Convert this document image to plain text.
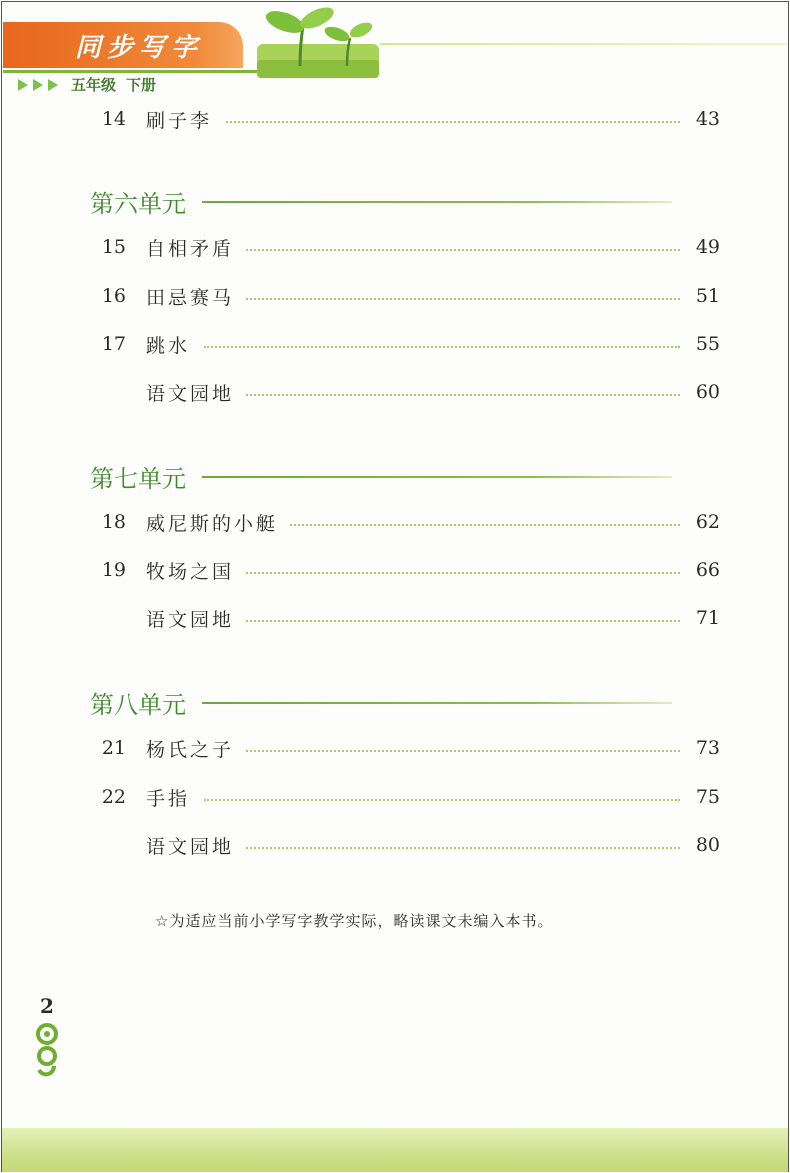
同步写字
五年级 下册
14 刷子李	43
第六单元
15 自相矛盾	49
16 田忌赛马	51
17 跳水	55
语文园地	60
第七单元
18 威尼斯的小艇	62
19 牧场之国	66
语文园地	71
第八单元
21 杨氏之子	73
22 手指	75
语文园地	80
☆为适应当前小学写字教学实际，略读课文未编入本书。
2
